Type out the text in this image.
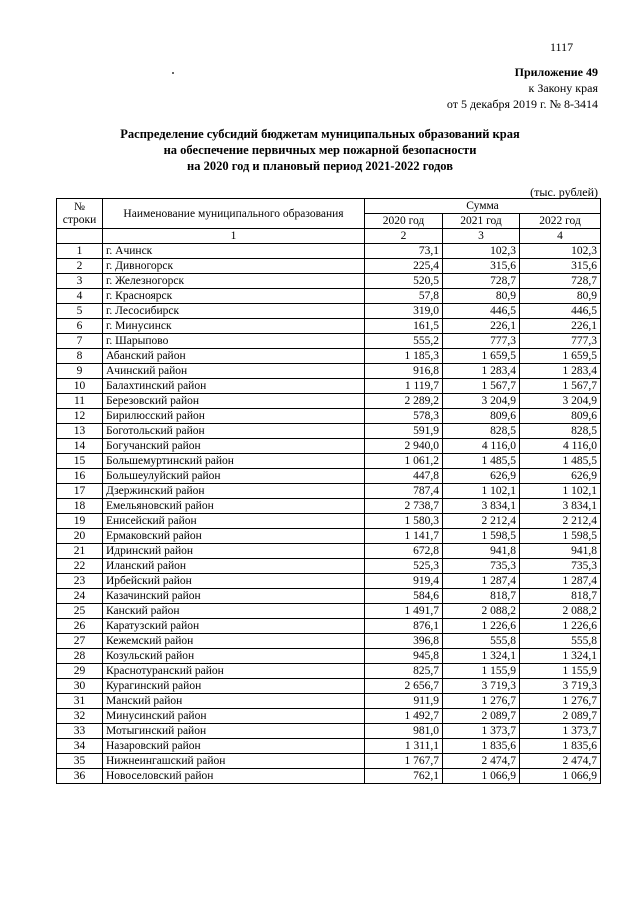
1117
Приложение 49
к Закону края
от 5 декабря 2019 г. № 8-3414
Распределение субсидий бюджетам муниципальных образований края
на обеспечение первичных мер пожарной безопасности
на 2020 год и плановый период 2021-2022 годов
(тыс. рублей)
№ строки	Наименование муниципального образования	Сумма		
		2020 год	2021 год	2022 год
	1	2	3	4
1	г. Ачинск	73,1	102,3	102,3
2	г. Дивногорск	225,4	315,6	315,6
3	г. Железногорск	520,5	728,7	728,7
4	г. Красноярск	57,8	80,9	80,9
5	г. Лесосибирск	319,0	446,5	446,5
6	г. Минусинск	161,5	226,1	226,1
7	г. Шарыпово	555,2	777,3	777,3
8	Абанский район	1 185,3	1 659,5	1 659,5
9	Ачинский район	916,8	1 283,4	1 283,4
10	Балахтинский район	1 119,7	1 567,7	1 567,7
11	Березовский район	2 289,2	3 204,9	3 204,9
12	Бирилюсский район	578,3	809,6	809,6
13	Боготольский район	591,9	828,5	828,5
14	Богучанский район	2 940,0	4 116,0	4 116,0
15	Большемуртинский район	1 061,2	1 485,5	1 485,5
16	Большеулуйский район	447,8	626,9	626,9
17	Дзержинский район	787,4	1 102,1	1 102,1
18	Емельяновский район	2 738,7	3 834,1	3 834,1
19	Енисейский район	1 580,3	2 212,4	2 212,4
20	Ермаковский район	1 141,7	1 598,5	1 598,5
21	Идринский район	672,8	941,8	941,8
22	Иланский район	525,3	735,3	735,3
23	Ирбейский район	919,4	1 287,4	1 287,4
24	Казачинский район	584,6	818,7	818,7
25	Канский район	1 491,7	2 088,2	2 088,2
26	Каратузский район	876,1	1 226,6	1 226,6
27	Кежемский район	396,8	555,8	555,8
28	Козульский район	945,8	1 324,1	1 324,1
29	Краснотуранский район	825,7	1 155,9	1 155,9
30	Курагинский район	2 656,7	3 719,3	3 719,3
31	Манский район	911,9	1 276,7	1 276,7
32	Минусинский район	1 492,7	2 089,7	2 089,7
33	Мотыгинский район	981,0	1 373,7	1 373,7
34	Назаровский район	1 311,1	1 835,6	1 835,6
35	Нижнеингашский район	1 767,7	2 474,7	2 474,7
36	Новоселовский район	762,1	1 066,9	1 066,9
